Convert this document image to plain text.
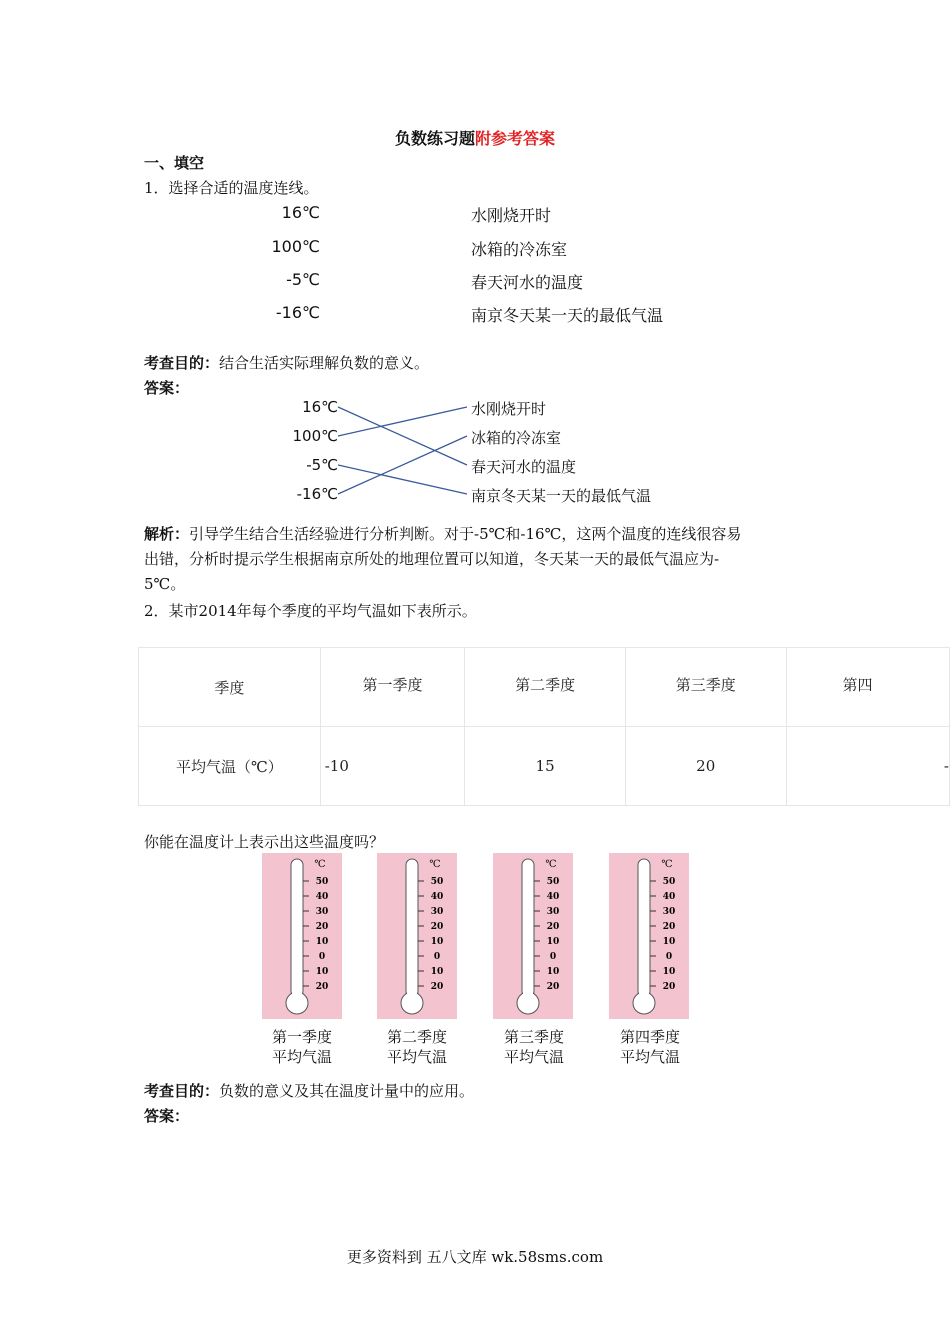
负数练习题附参考答案
一、填空
1．选择合适的温度连线。
16℃
100℃
-5℃
-16℃
水刚烧开时
冰箱的冷冻室
春天河水的温度
南京冬天某一天的最低气温
考查目的：结合生活实际理解负数的意义。
答案：
16℃
100℃
-5℃
-16℃
水刚烧开时
冰箱的冷冻室
春天河水的温度
南京冬天某一天的最低气温
解析：引导学生结合生活经验进行分析判断。对于-5℃和-16℃，这两个温度的连线很容易
出错，分析时提示学生根据南京所处的地理位置可以知道，冬天某一天的最低气温应为-
5℃。
2．某市2014年每个季度的平均气温如下表所示。
季度	第一季度	第二季度	第三季度	第四
平均气温（℃）	-10	15	20	-
你能在温度计上表示出这些温度吗？
℃
50
40
30
20
10
0
10
20
℃
50
40
30
20
10
0
10
20
℃
50
40
30
20
10
0
10
20
℃
50
40
30
20
10
0
10
20
第一季度
平均气温
第二季度
平均气温
第三季度
平均气温
第四季度
平均气温
考查目的：负数的意义及其在温度计量中的应用。
答案：
更多资料到 五八文库 wk.58sms.com
